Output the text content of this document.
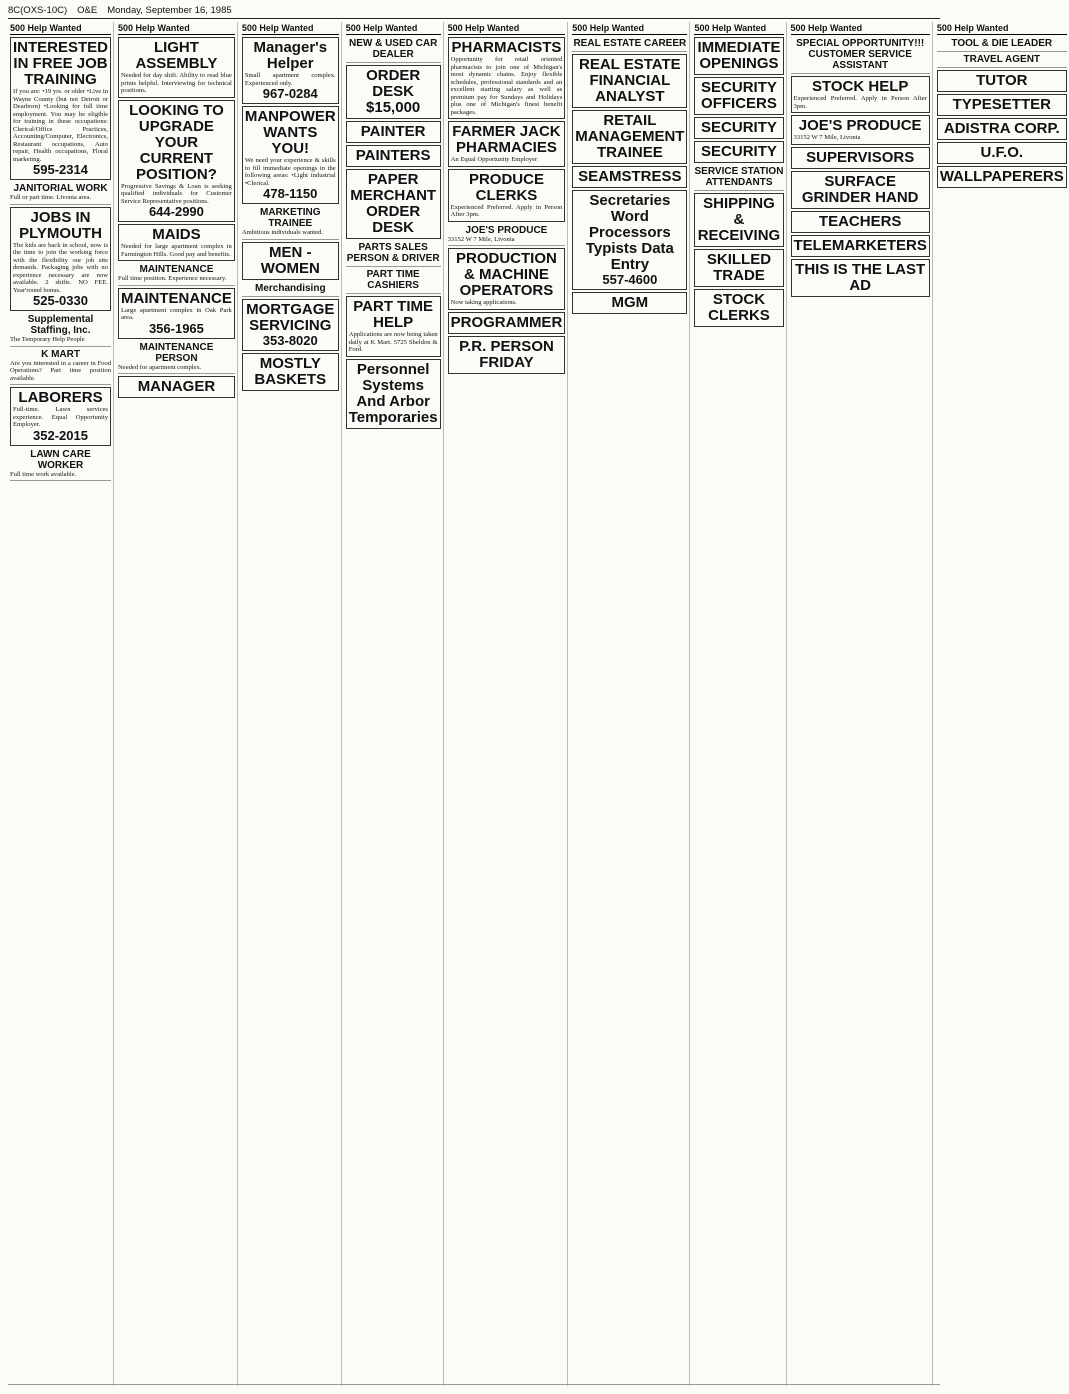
8C(OXS-10C) O&E Monday, September 16, 1985
500 Help Wanted
INTERESTED IN FREE JOB TRAINING
If you are: •19 yrs. or older •Live in Wayne County (but not Detroit or Dearborn) •Looking for full time employment. You may be eligible for training in these occupations: Clerical/Office Practices, Accounting/Computer, Electronics, Restaurant occupations, Auto repair, Health occupations, Floral marketing.
595-2314
JANITORIAL WORK
Full or part time. Livonia area.
JOBS IN PLYMOUTH
The kids are back in school, now is the time to join the working force with the flexibility our job site demands. Packaging jobs with no experience necessary are now available. 2 shifts. NO FEE. Year'round bonus.
525-0330
Supplemental Staffing, Inc.
The Temporary Help People
K MART
Are you interested in a career in Food Operations? Part time position available.
LABORERS
Full-time. Lawn services experience. Equal Opportunity Employer.
352-2015
LAWN CARE WORKER
Full time work available.
500 Help Wanted
LIGHT ASSEMBLY
Needed for day shift. Ability to read blue prints helpful. Interviewing for technical positions.
LOOKING TO UPGRADE YOUR CURRENT POSITION?
Progressive Savings & Loan is seeking qualified individuals for Customer Service Representative positions.
644-2990
MAIDS
Needed for large apartment complex in Farmington Hills. Good pay and benefits.
MAINTENANCE
Full time position. Experience necessary.
MAINTENANCE
Large apartment complex in Oak Park area.
356-1965
MAINTENANCE PERSON
Needed for apartment complex.
MANAGER
500 Help Wanted
Manager's Helper
Small apartment complex. Experienced only.
967-0284
MANPOWER WANTS YOU!
We need your experience & skills to fill immediate openings in the following areas: •Light industrial •Clerical.
478-1150
MARKETING TRAINEE
Ambitious individuals wanted.
MEN - WOMEN
Merchandising
MORTGAGE SERVICING
353-8020
MOSTLY BASKETS
500 Help Wanted
NEW & USED CAR DEALER
ORDER DESK $15,000
PAINTER
PAINTERS
PAPER MERCHANT ORDER DESK
PARTS SALES PERSON & DRIVER
PART TIME CASHIERS
PART TIME HELP
Applications are now being taken daily at K Mart. 5725 Sheldon & Ford.
Personnel Systems And Arbor Temporaries
500 Help Wanted
PHARMACISTS
Opportunity for retail oriented pharmacists to join one of Michigan's most dynamic chains. Enjoy flexible schedules, professional standards and an excellent starting salary as well as premium pay for Sundays and Holidays plus one of Michigan's finest benefit packages.
FARMER JACK PHARMACIES
An Equal Opportunity Employer
PRODUCE CLERKS
Experienced Preferred. Apply in Person After 3pm.
JOE'S PRODUCE
33152 W 7 Mile, Livonia
PRODUCTION & MACHINE OPERATORS
Now taking applications.
PROGRAMMER
P.R. PERSON FRIDAY
500 Help Wanted
REAL ESTATE CAREER
REAL ESTATE FINANCIAL ANALYST
RETAIL MANAGEMENT TRAINEE
SEAMSTRESS
Secretaries Word Processors Typists Data Entry
557-4600
MGM
500 Help Wanted
IMMEDIATE OPENINGS
SECURITY OFFICERS
SECURITY
SECURITY
SERVICE STATION ATTENDANTS
SHIPPING & RECEIVING
SKILLED TRADE
STOCK CLERKS
500 Help Wanted
SPECIAL OPPORTUNITY!!! CUSTOMER SERVICE ASSISTANT
STOCK HELP
Experienced Preferred. Apply in Person After 3pm.
JOE'S PRODUCE
33152 W 7 Mile, Livonia
SUPERVISORS
SURFACE GRINDER HAND
TEACHERS
TELEMARKETERS
THIS IS THE LAST AD
500 Help Wanted
TOOL & DIE LEADER
TRAVEL AGENT
TUTOR
TYPESETTER
ADISTRA CORP.
U.F.O.
WALLPAPERERS
